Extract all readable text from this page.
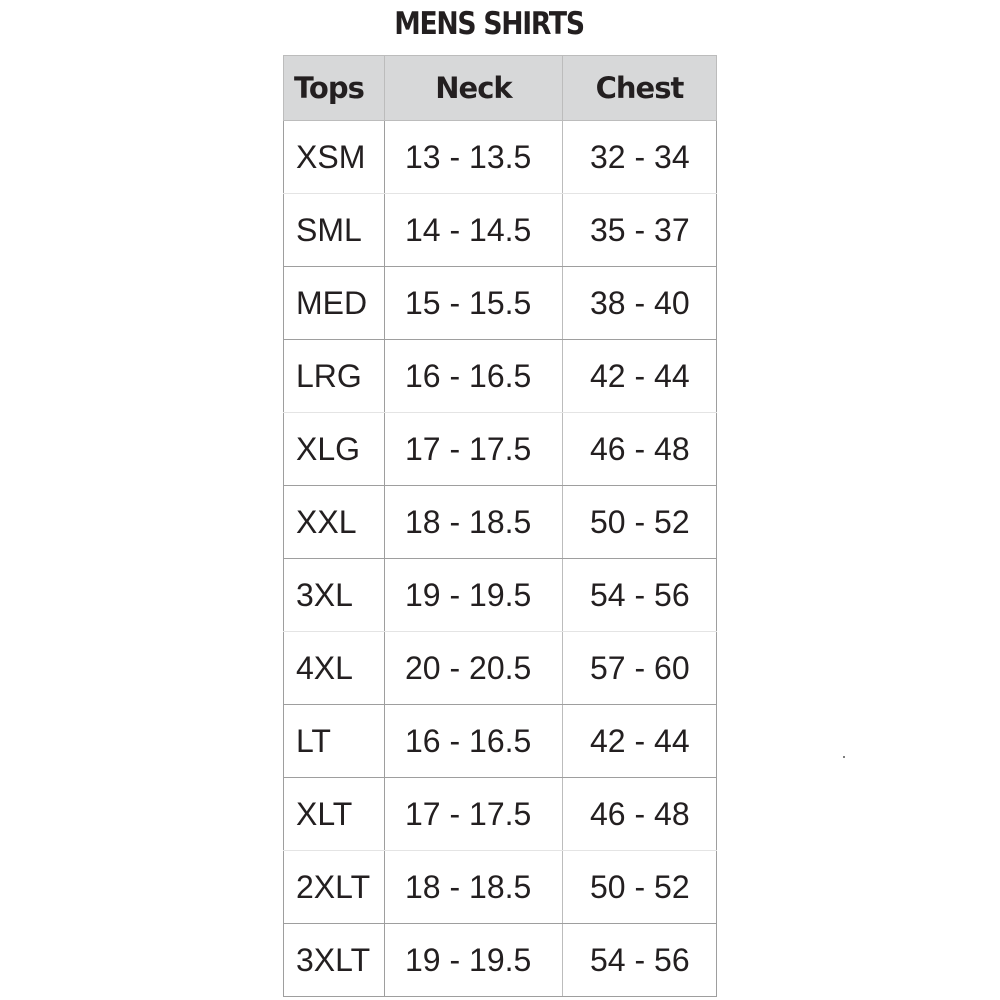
MENS SHIRTS
Tops	Neck	Chest
XSM	13 - 13.5	32 - 34
SML	14 - 14.5	35 - 37
MED	15 - 15.5	38 - 40
LRG	16 - 16.5	42 - 44
XLG	17 - 17.5	46 - 48
XXL	18 - 18.5	50 - 52
3XL	19 - 19.5	54 - 56
4XL	20 - 20.5	57 - 60
LT	16 - 16.5	42 - 44
XLT	17 - 17.5	46 - 48
2XLT	18 - 18.5	50 - 52
3XLT	19 - 19.5	54 - 56
